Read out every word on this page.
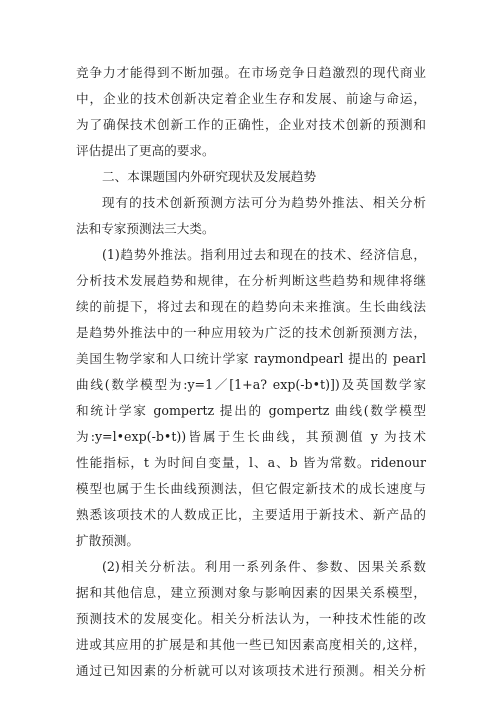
竞争力才能得到不断加强。在市场竞争日趋激烈的现代商业
中，企业的技术创新决定着企业生存和发展、前途与命运，
为了确保技术创新工作的正确性，企业对技术创新的预测和
评估提出了更高的要求。
二、本课题国内外研究现状及发展趋势
现有的技术创新预测方法可分为趋势外推法、相关分析
法和专家预测法三大类。
(1)趋势外推法。指利用过去和现在的技术、经济信息，
分析技术发展趋势和规律，在分析判断这些趋势和规律将继
续的前提下，将过去和现在的趋势向未来推演。生长曲线法
是趋势外推法中的一种应用较为广泛的技术创新预测方法，
美国生物学家和人口统计学家 raymondpearl 提出的 pearl
曲线(数学模型为:y=1／[1+a? exp(-b•t)])及英国数学家
和统计学家 gompertz 提出的 gompertz 曲线(数学模型
为:y=l•exp(-b•t))皆属于生长曲线，其预测值 y 为技术
性能指标，t 为时间自变量，l、a、b 皆为常数。ridenour
模型也属于生长曲线预测法，但它假定新技术的成长速度与
熟悉该项技术的人数成正比，主要适用于新技术、新产品的
扩散预测。
(2)相关分析法。利用一系列条件、参数、因果关系数
据和其他信息，建立预测对象与影响因素的因果关系模型，
预测技术的发展变化。相关分析法认为，一种技术性能的改
进或其应用的扩展是和其他一些已知因素高度相关的,这样，
通过已知因素的分析就可以对该项技术进行预测。相关分析
